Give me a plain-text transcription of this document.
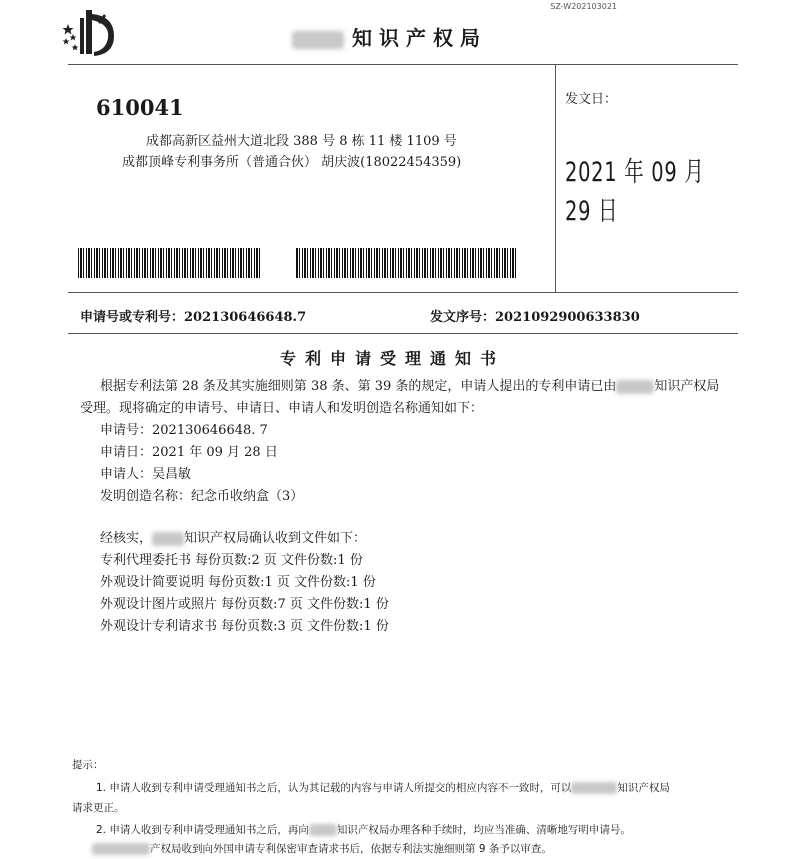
SZ-W202103021
知识产权局
610041
成都高新区益州大道北段 388 号 8 栋 11 楼 1109 号
成都顶峰专利事务所（普通合伙） 胡庆波(18022454359)
发文日：
2021 年 09 月 29 日
申请号或专利号：202130646648.7	发文序号：2021092900633830
专利申请受理通知书
根据专利法第 28 条及其实施细则第 38 条、第 39 条的规定，申请人提出的专利申请已由	知识产权局
受理。现将确定的申请号、申请日、申请人和发明创造名称通知如下：
申请号：202130646648. 7
申请日：2021 年 09 月 28 日
申请人：吴昌敏
发明创造名称：纪念币收纳盒（3）
经核实， 知识产权局确认收到文件如下：
专利代理委托书 每份页数:2 页 文件份数:1 份
外观设计简要说明 每份页数:1 页 文件份数:1 份
外观设计图片或照片 每份页数:7 页 文件份数:1 份
外观设计专利请求书 每份页数:3 页 文件份数:1 份
提示：
1. 申请人收到专利申请受理通知书之后，认为其记载的内容与申请人所提交的相应内容不一致时，可以	知识产权局
请求更正。
2. 申请人收到专利申请受理通知书之后，再向	知识产权局办理各种手续时，均应当准确、清晰地写明申请号。
产权局收到向外国申请专利保密审查请求书后，依据专利法实施细则第 9 条予以审查。
